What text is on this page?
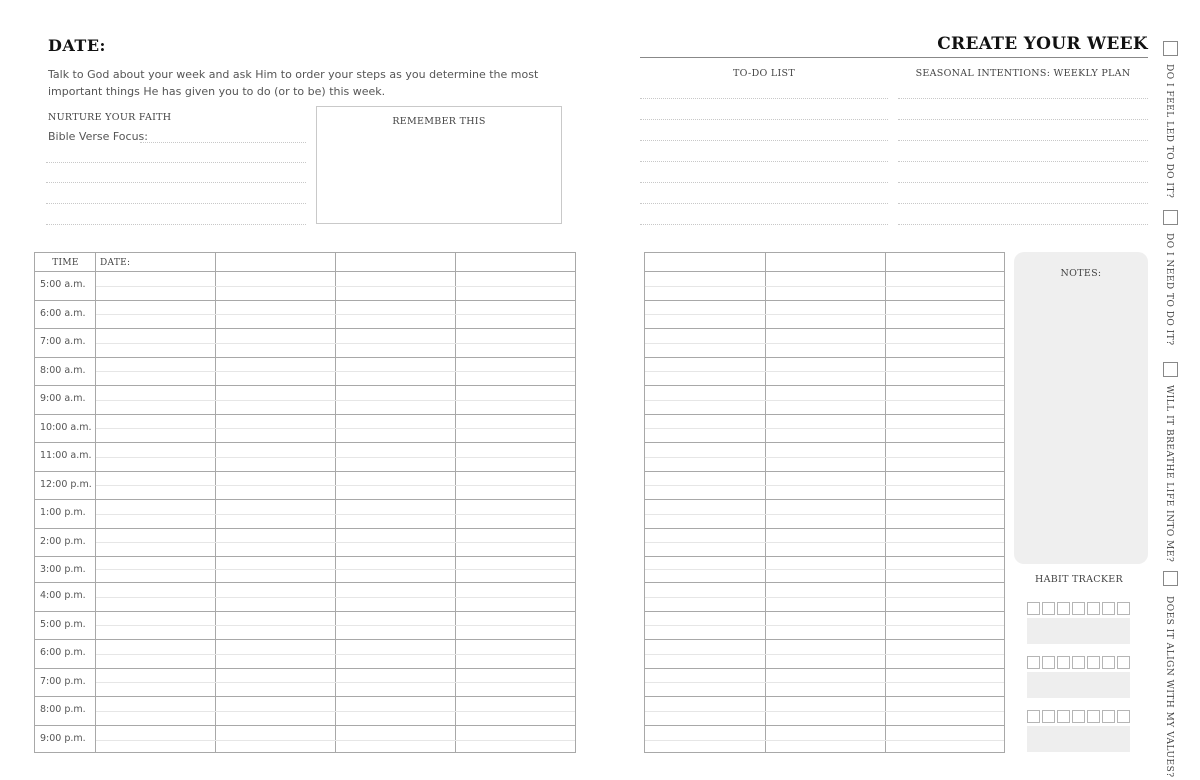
DATE:
Talk to God about your week and ask Him to order your steps as you determine the most important things He has given you to do (or to be) this week.
NURTURE YOUR FAITH
Bible Verse Focus:
REMEMBER THIS
CREATE YOUR WEEK
TO-DO LIST	SEASONAL INTENTIONS: WEEKLY PLAN
TIME	DATE:
5:00 a.m.
6:00 a.m.
7:00 a.m.
8:00 a.m.
9:00 a.m.
10:00 a.m.
11:00 a.m.
12:00 p.m.
1:00 p.m.
2:00 p.m.
3:00 p.m.
4:00 p.m.
5:00 p.m.
6:00 p.m.
7:00 p.m.
8:00 p.m.
9:00 p.m.
NOTES:
HABIT TRACKER
DO I FEEL LED TO DO IT?
DO I NEED TO DO IT?
WILL IT BREATHE LIFE INTO ME?
DOES IT ALIGN WITH MY VALUES?
